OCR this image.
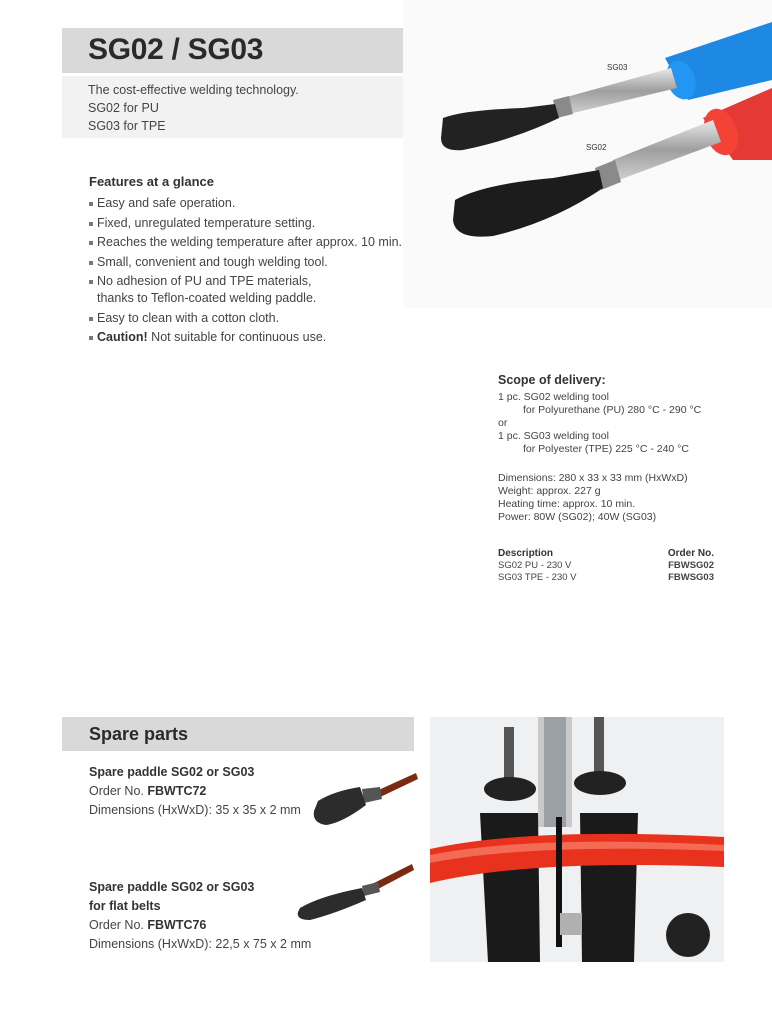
SG02 / SG03
The cost-effective welding technology.
SG02 for PU
SG03 for TPE
Features at a glance
Easy and safe operation.
Fixed, unregulated temperature setting.
Reaches the welding temperature after approx. 10 min.
Small, convenient and tough welding tool.
No adhesion of PU and TPE materials,
thanks to Teflon-coated welding paddle.
Easy to clean with a cotton cloth.
Caution! Not suitable for continuous use.
SG03
SG02
Scope of delivery:
1 pc. SG02 welding tool
for Polyurethane (PU) 280 °C - 290 °C
or
1 pc. SG03 welding tool
for Polyester (TPE) 225 °C - 240 °C
Dimensions: 280 x 33 x 33 mm (HxWxD)
Weight: approx. 227 g
Heating time: approx. 10 min.
Power: 80W (SG02); 40W (SG03)
Description	Order No.
SG02 PU - 230 V	FBWSG02
SG03 TPE - 230 V	FBWSG03
Spare parts
Spare paddle SG02 or SG03
Order No. FBWTC72
Dimensions (HxWxD): 35 x 35 x 2 mm
Spare paddle SG02 or SG03
for flat belts
Order No. FBWTC76
Dimensions (HxWxD): 22,5 x 75 x 2 mm
